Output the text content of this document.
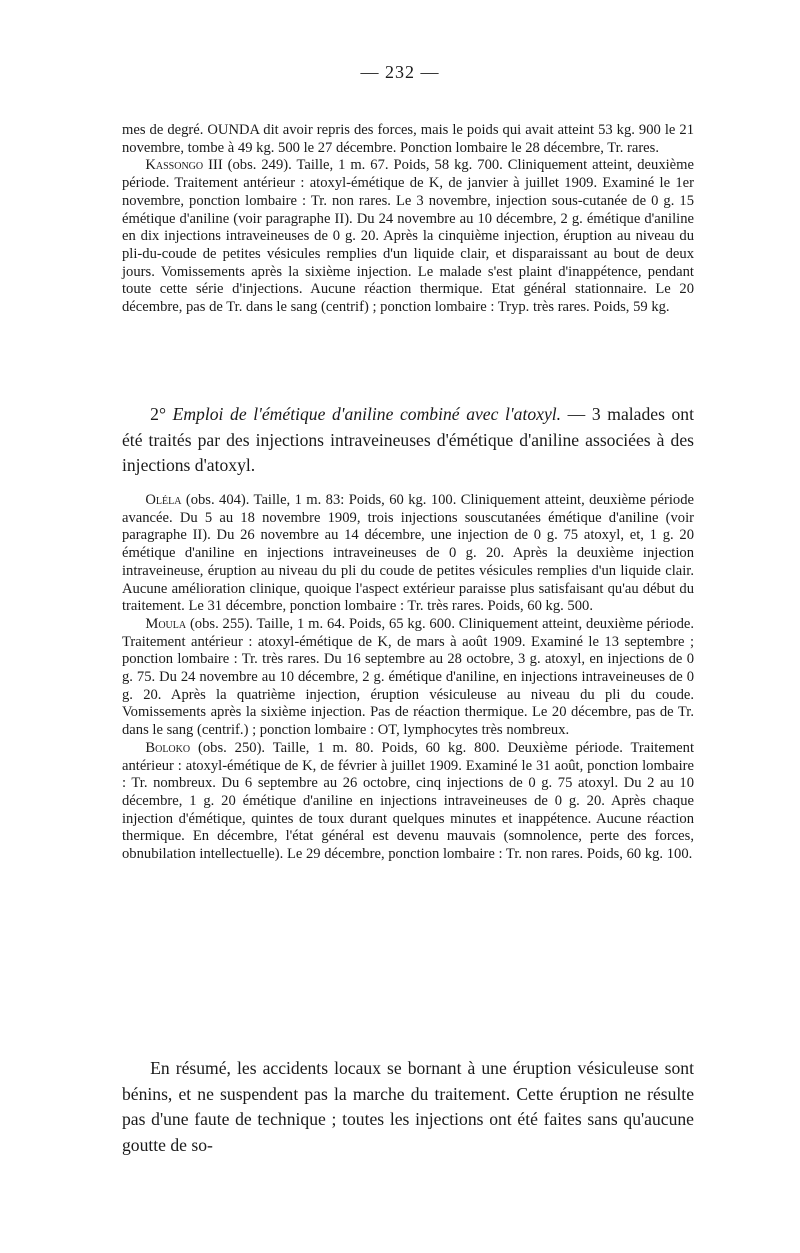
— 232 —

mes de degré. OUNDA dit avoir repris des forces, mais le poids qui avait atteint 53 kg. 900 le 21 novembre, tombe à 49 kg. 500 le 27 décembre. Ponction lombaire le 28 décembre, Tr. rares.

Kassongo III (obs. 249). Taille, 1 m. 67. Poids, 58 kg. 700. Cliniquement atteint, deuxième période. Traitement antérieur : atoxyl-émétique de K, de janvier à juillet 1909. Examiné le 1er novembre, ponction lombaire : Tr. non rares. Le 3 novembre, injection sous-cutanée de 0 g. 15 émétique d'aniline (voir paragraphe II). Du 24 novembre au 10 décembre, 2 g. émétique d'aniline en dix injections intraveineuses de 0 g. 20. Après la cinquième injection, éruption au niveau du pli-du-coude de petites vésicules remplies d'un liquide clair, et disparaissant au bout de deux jours. Vomissements après la sixième injection. Le malade s'est plaint d'inappétence, pendant toute cette série d'injections. Aucune réaction thermique. Etat général stationnaire. Le 20 décembre, pas de Tr. dans le sang (centrif) ; ponction lombaire : Tryp. très rares. Poids, 59 kg.

2° Emploi de l'émétique d'aniline combiné avec l'atoxyl. — 3 malades ont été traités par des injections intraveineuses d'émétique d'aniline associées à des injections d'atoxyl.

Oléla (obs. 404). Taille, 1 m. 83: Poids, 60 kg. 100. Cliniquement atteint, deuxième période avancée. Du 5 au 18 novembre 1909, trois injections souscutanées émétique d'aniline (voir paragraphe II). Du 26 novembre au 14 décembre, une injection de 0 g. 75 atoxyl, et, 1 g. 20 émétique d'aniline en injections intraveineuses de 0 g. 20. Après la deuxième injection intraveineuse, éruption au niveau du pli du coude de petites vésicules remplies d'un liquide clair. Aucune amélioration clinique, quoique l'aspect extérieur paraisse plus satisfaisant qu'au début du traitement. Le 31 décembre, ponction lombaire : Tr. très rares. Poids, 60 kg. 500.

Moula (obs. 255). Taille, 1 m. 64. Poids, 65 kg. 600. Cliniquement atteint, deuxième période. Traitement antérieur : atoxyl-émétique de K, de mars à août 1909. Examiné le 13 septembre ; ponction lombaire : Tr. très rares. Du 16 septembre au 28 octobre, 3 g. atoxyl, en injections de 0 g. 75. Du 24 novembre au 10 décembre, 2 g. émétique d'aniline, en injections intraveineuses de 0 g. 20. Après la quatrième injection, éruption vésiculeuse au niveau du pli du coude. Vomissements après la sixième injection. Pas de réaction thermique. Le 20 décembre, pas de Tr. dans le sang (centrif.) ; ponction lombaire : OT, lymphocytes très nombreux.

Boloko (obs. 250). Taille, 1 m. 80. Poids, 60 kg. 800. Deuxième période. Traitement antérieur : atoxyl-émétique de K, de février à juillet 1909. Examiné le 31 août, ponction lombaire : Tr. nombreux. Du 6 septembre au 26 octobre, cinq injections de 0 g. 75 atoxyl. Du 2 au 10 décembre, 1 g. 20 émétique d'aniline en injections intraveineuses de 0 g. 20. Après chaque injection d'émétique, quintes de toux durant quelques minutes et inappétence. Aucune réaction thermique. En décembre, l'état général est devenu mauvais (somnolence, perte des forces, obnubilation intellectuelle). Le 29 décembre, ponction lombaire : Tr. non rares. Poids, 60 kg. 100.

En résumé, les accidents locaux se bornant à une éruption vésiculeuse sont bénins, et ne suspendent pas la marche du traitement. Cette éruption ne résulte pas d'une faute de technique ; toutes les injections ont été faites sans qu'aucune goutte de so-
